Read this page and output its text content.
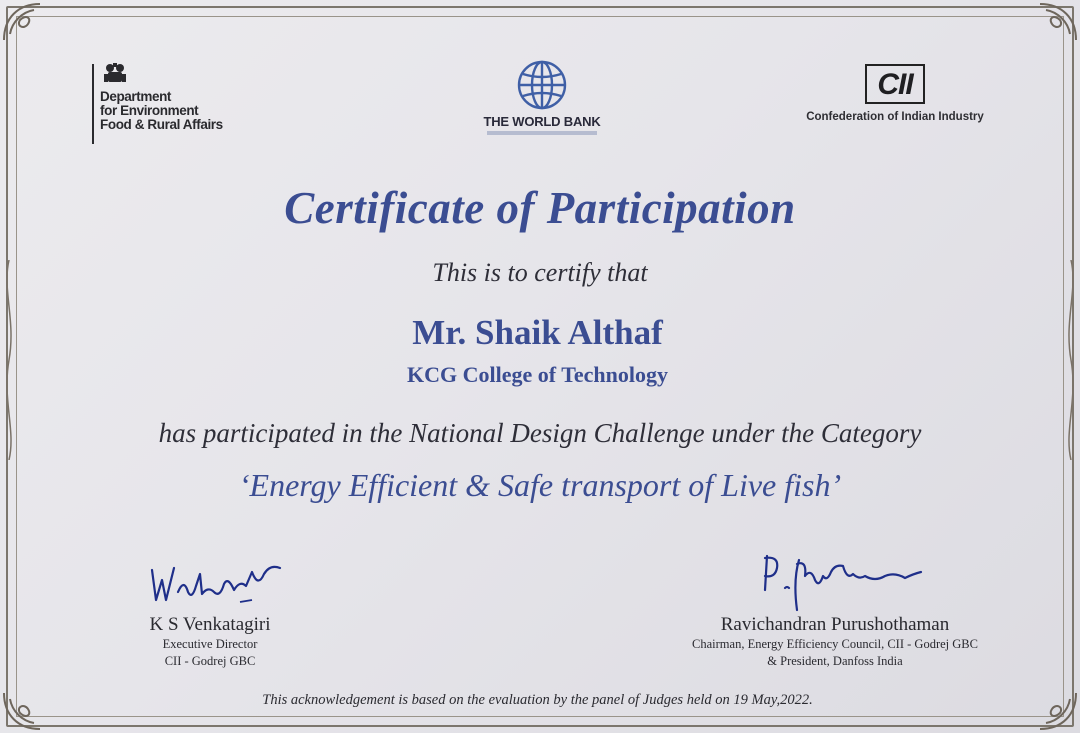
Department
for Environment
Food & Rural Affairs	THE WORLD BANK
CII
Confederation of Indian Industry
Certificate of Participation
This is to certify that
Mr. Shaik Althaf
KCG College of Technology
has participated in the National Design Challenge under the Category
‘Energy Efficient & Safe transport of Live fish’
K S Venkatagiri
Executive Director
CII - Godrej GBC
Ravichandran Purushothaman
Chairman, Energy Efficiency Council, CII - Godrej GBC
& President, Danfoss India
This acknowledgement is based on the evaluation by the panel of Judges held on 19 May,2022.
